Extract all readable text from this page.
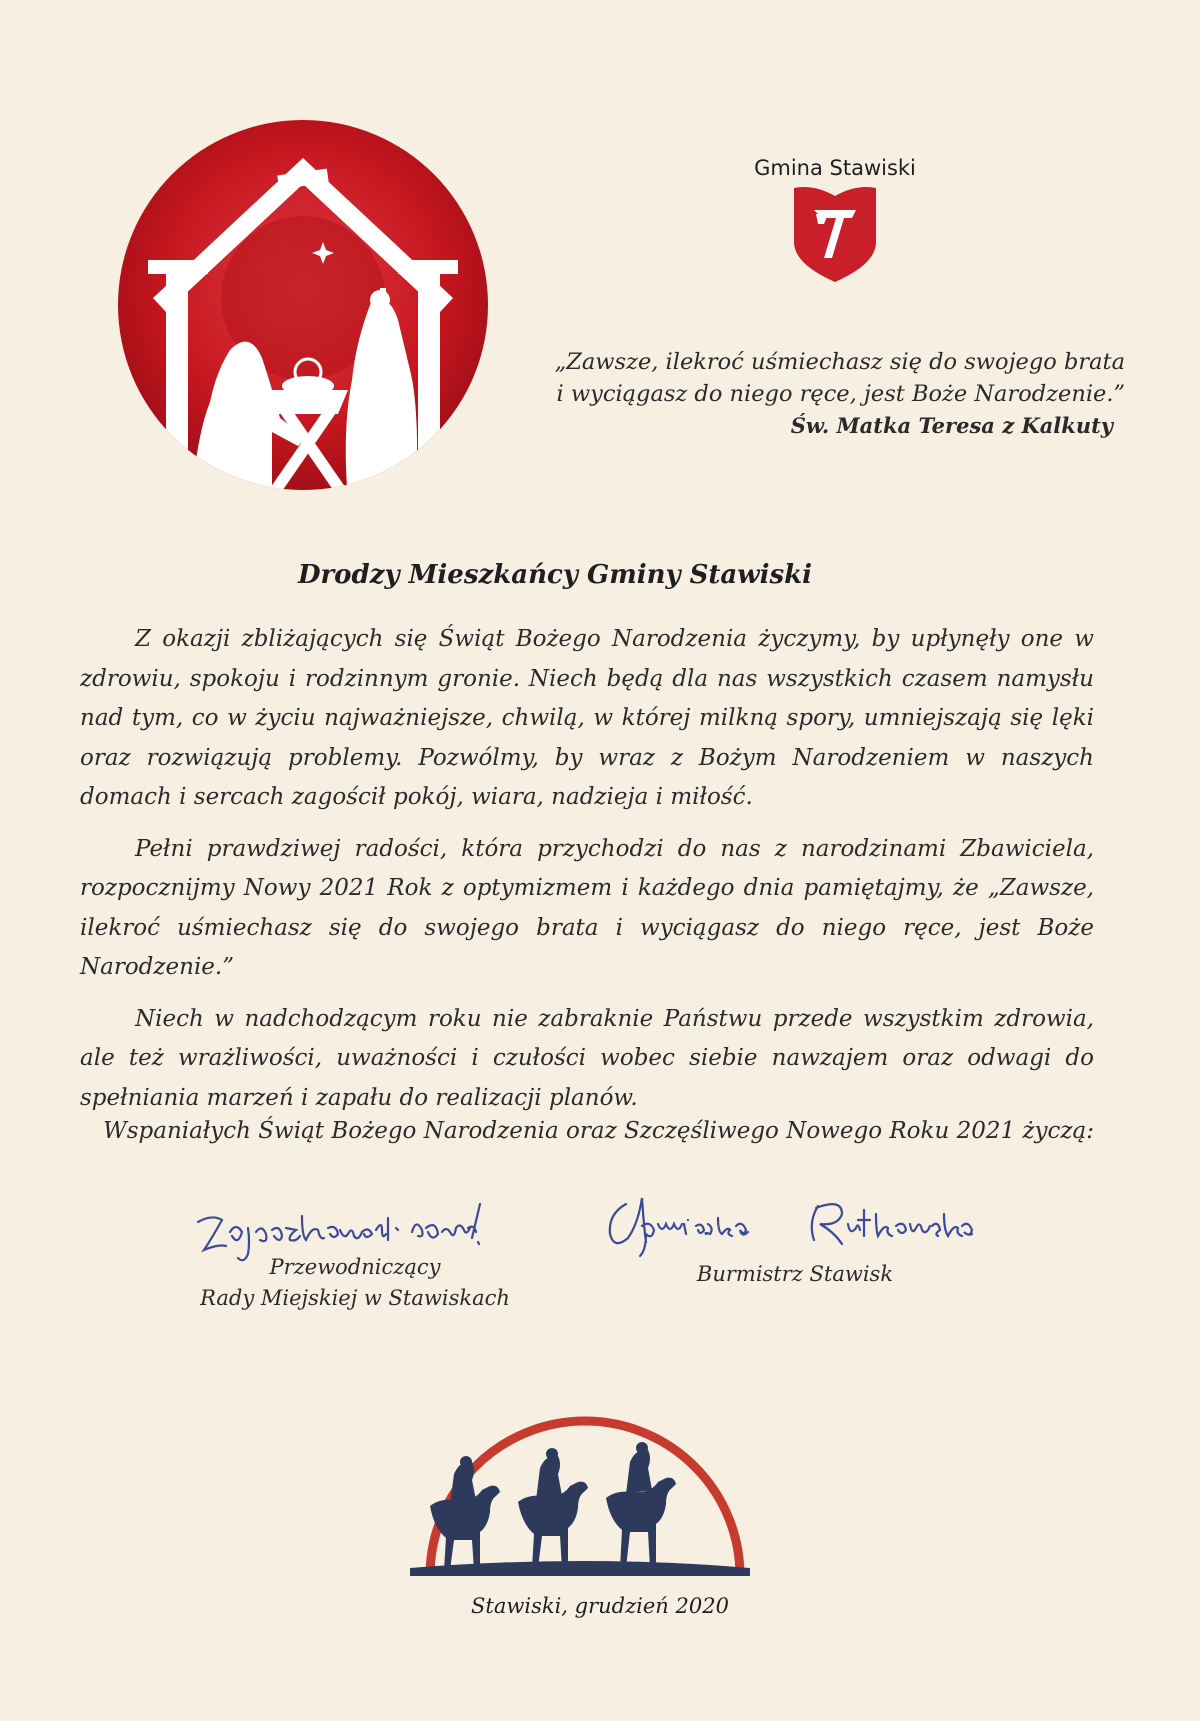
Gmina Stawiski
„Zawsze, ilekroć uśmiechasz się do swojego brata
i wyciągasz do niego ręce, jest Boże Narodzenie.”
Św. Matka Teresa z Kalkuty
Drodzy Mieszkańcy Gminy Stawiski

Z okazji zbliżających się Świąt Bożego Narodzenia życzymy, by upłynęły one w zdrowiu, spokoju i rodzinnym gronie. Niech będą dla nas wszystkich czasem namysłu nad tym, co w życiu najważniejsze, chwilą, w której milkną spory, umniejszają się lęki oraz rozwiązują problemy. Pozwólmy, by wraz z Bożym Narodzeniem w naszych domach i sercach zagościł pokój, wiara, nadzieja i miłość.

Pełni prawdziwej radości, która przychodzi do nas z narodzinami Zbawiciela, rozpocznijmy Nowy 2021 Rok z optymizmem i każdego dnia pamiętajmy, że „Zawsze, ilekroć uśmiechasz się do swojego brata i wyciągasz do niego ręce, jest Boże Narodzenie.”

Niech w nadchodzącym roku nie zabraknie Państwu przede wszystkim zdrowia, ale też wrażliwości, uważności i czułości wobec siebie nawzajem oraz odwagi do spełniania marzeń i zapału do realizacji planów.

Wspaniałych Świąt Bożego Narodzenia oraz Szczęśliwego Nowego Roku 2021 życzą:
Przewodniczący
Rady Miejskiej w Stawiskach
Burmistrz Stawisk
Stawiski, grudzień 2020
